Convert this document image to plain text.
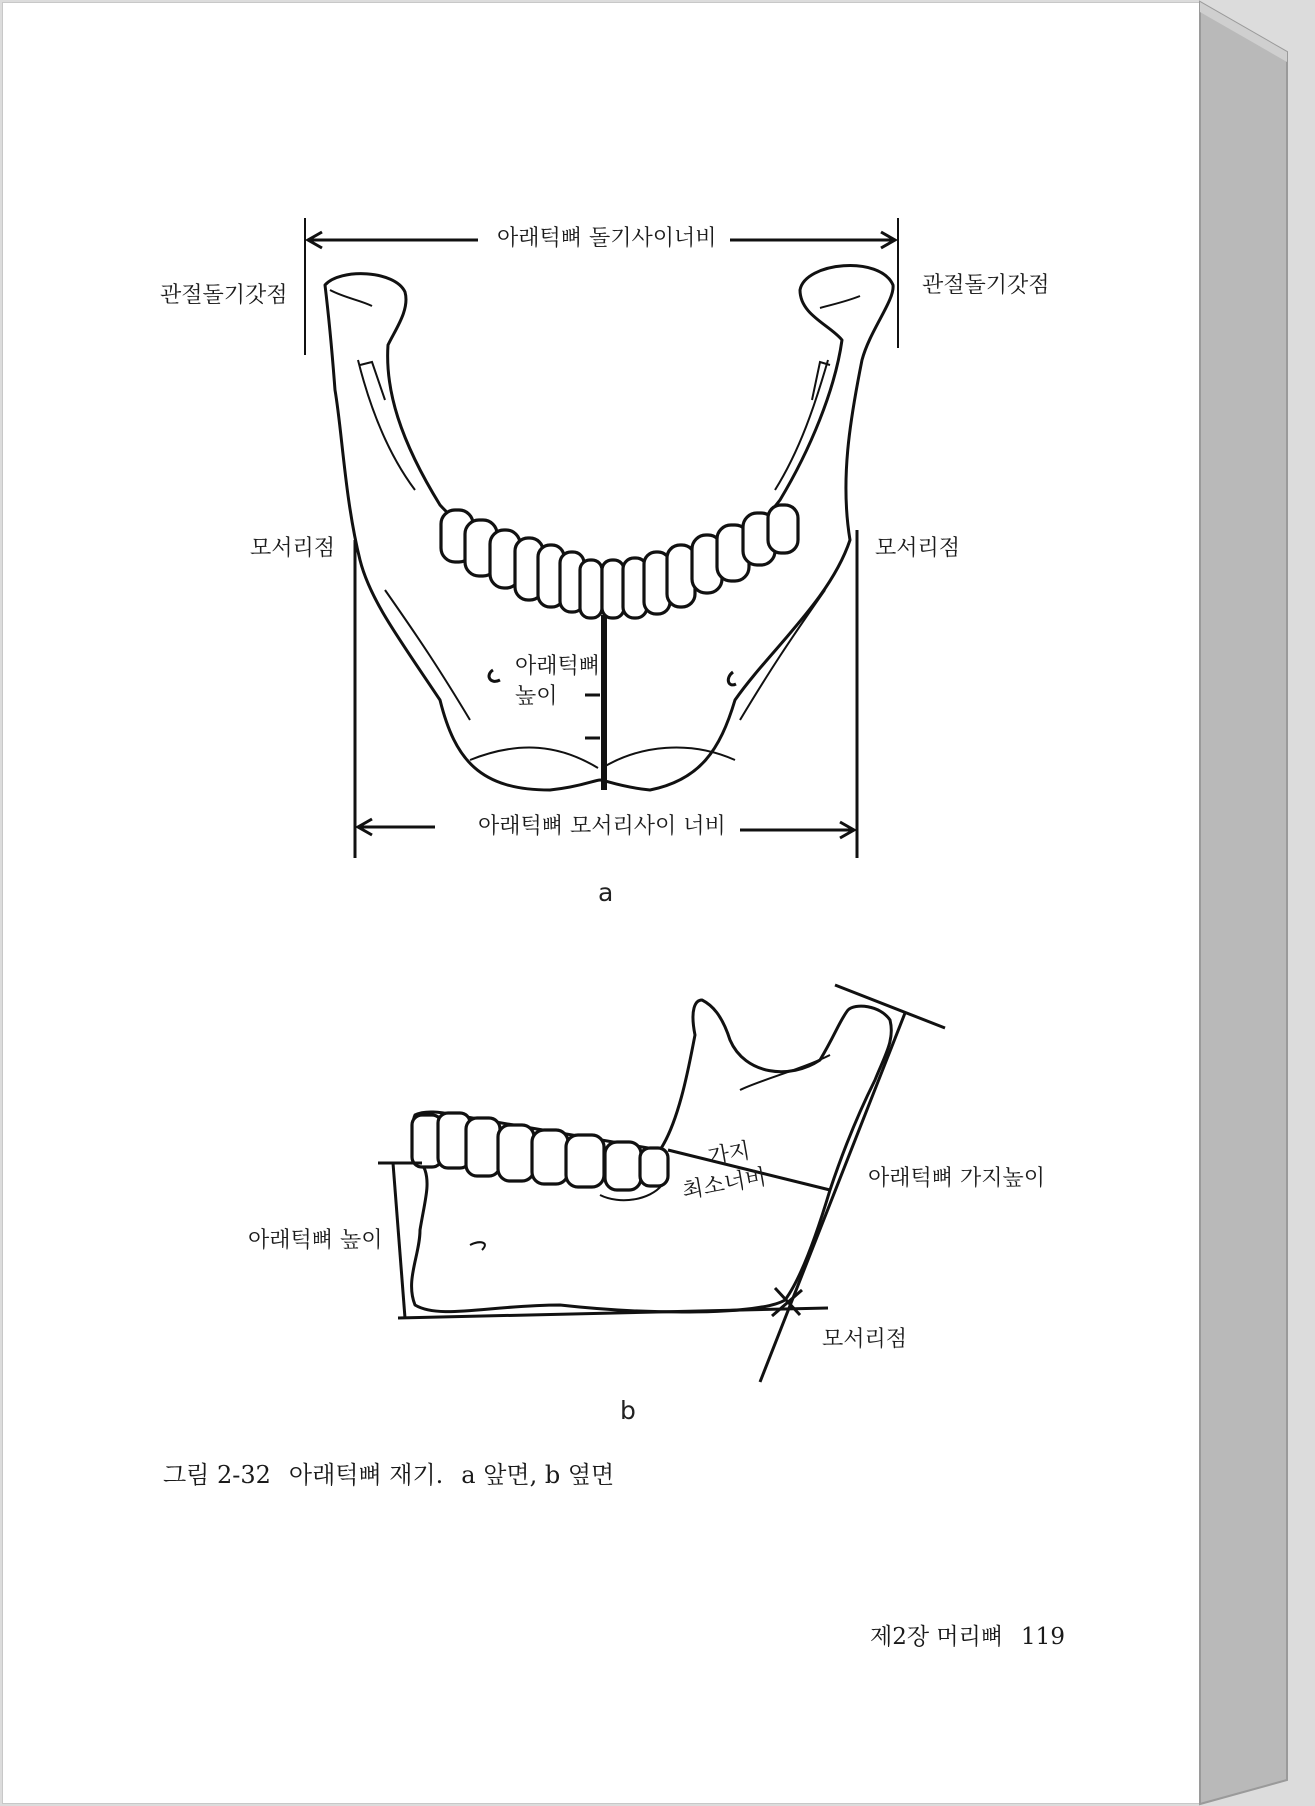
아래턱뼈 돌기사이너비
관절돌기갓점	관절돌기갓점
모서리점	모서리점
아래턱뼈
높이
아래턱뼈 모서리사이 너비
a
가지
최소너비	아래턱뼈 가지높이
아래턱뼈 높이
모서리점
b
그림 2-32 아래턱뼈 재기. a 앞면, b 옆면
제2장 머리뼈 119
